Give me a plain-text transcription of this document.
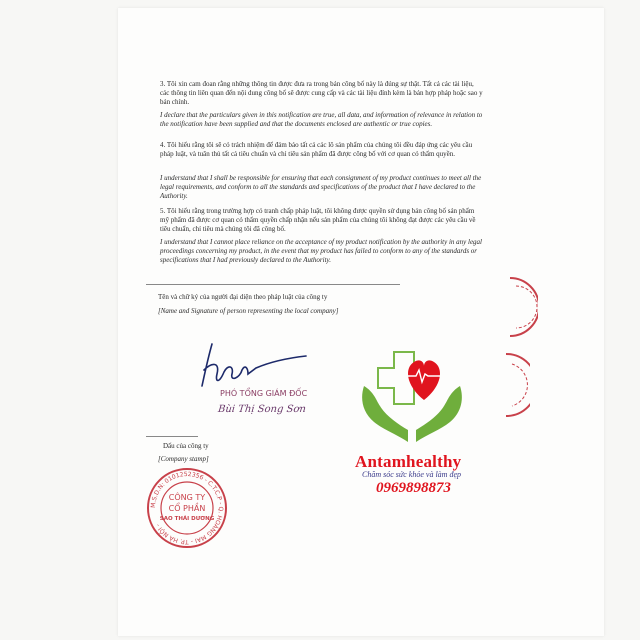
3. Tôi xin cam đoan rằng những thông tin được đưa ra trong bản công bố này là đúng sự thật. Tất cả các tài liệu, các thông tin liên quan đến nội dung công bố sẽ được cung cấp và các tài liệu đính kèm là bản hợp pháp hoặc sao y bản chính.

I declare that the particulars given in this notification are true, all data, and information of relevance in relation to the notification have been supplied and that the documents enclosed are authentic or true copies.

4. Tôi hiểu rằng tôi sẽ có trách nhiệm để đảm bảo tất cả các lô sản phẩm của chúng tôi đều đáp ứng các yêu cầu pháp luật, và tuân thủ tất cả tiêu chuẩn và chỉ tiêu sản phẩm đã được công bố với cơ quan có thẩm quyền.

I understand that I shall be responsible for ensuring that each consignment of my product continues to meet all the legal requirements, and conform to all the standards and specifications of the product that I have declared to the Authority.

5. Tôi hiểu rằng trong trường hợp có tranh chấp pháp luật, tôi không được quyền sử dụng bản công bố sản phẩm mỹ phẩm đã được cơ quan có thẩm quyền chấp nhận nếu sản phẩm của chúng tôi không đạt được các yêu cầu về tiêu chuẩn, chỉ tiêu mà chúng tôi đã công bố.

I understand that I cannot place reliance on the acceptance of my product notification by the authority in any legal proceedings concerning my product, in the event that my product has failed to conform to any of the standards or specifications that I had previously declared to the Authority.

Tên và chữ ký của người đại diện theo pháp luật của công ty
[Name and Signature of person representing the local company]
PHÓ TỔNG GIÁM ĐỐC
Bùi Thị Song Sơn
Dấu của công ty
[Company stamp]
M.S.D.N: 0101252356 - C.T.C.P - Q. HOÀNG MAI - TP. HÀ NỘI -
CÔNG TY
CỔ PHẦN
SAO THÁI DƯƠNG
Antamhealthy
Chăm sóc sức khỏe và làm đẹp
0969898873
